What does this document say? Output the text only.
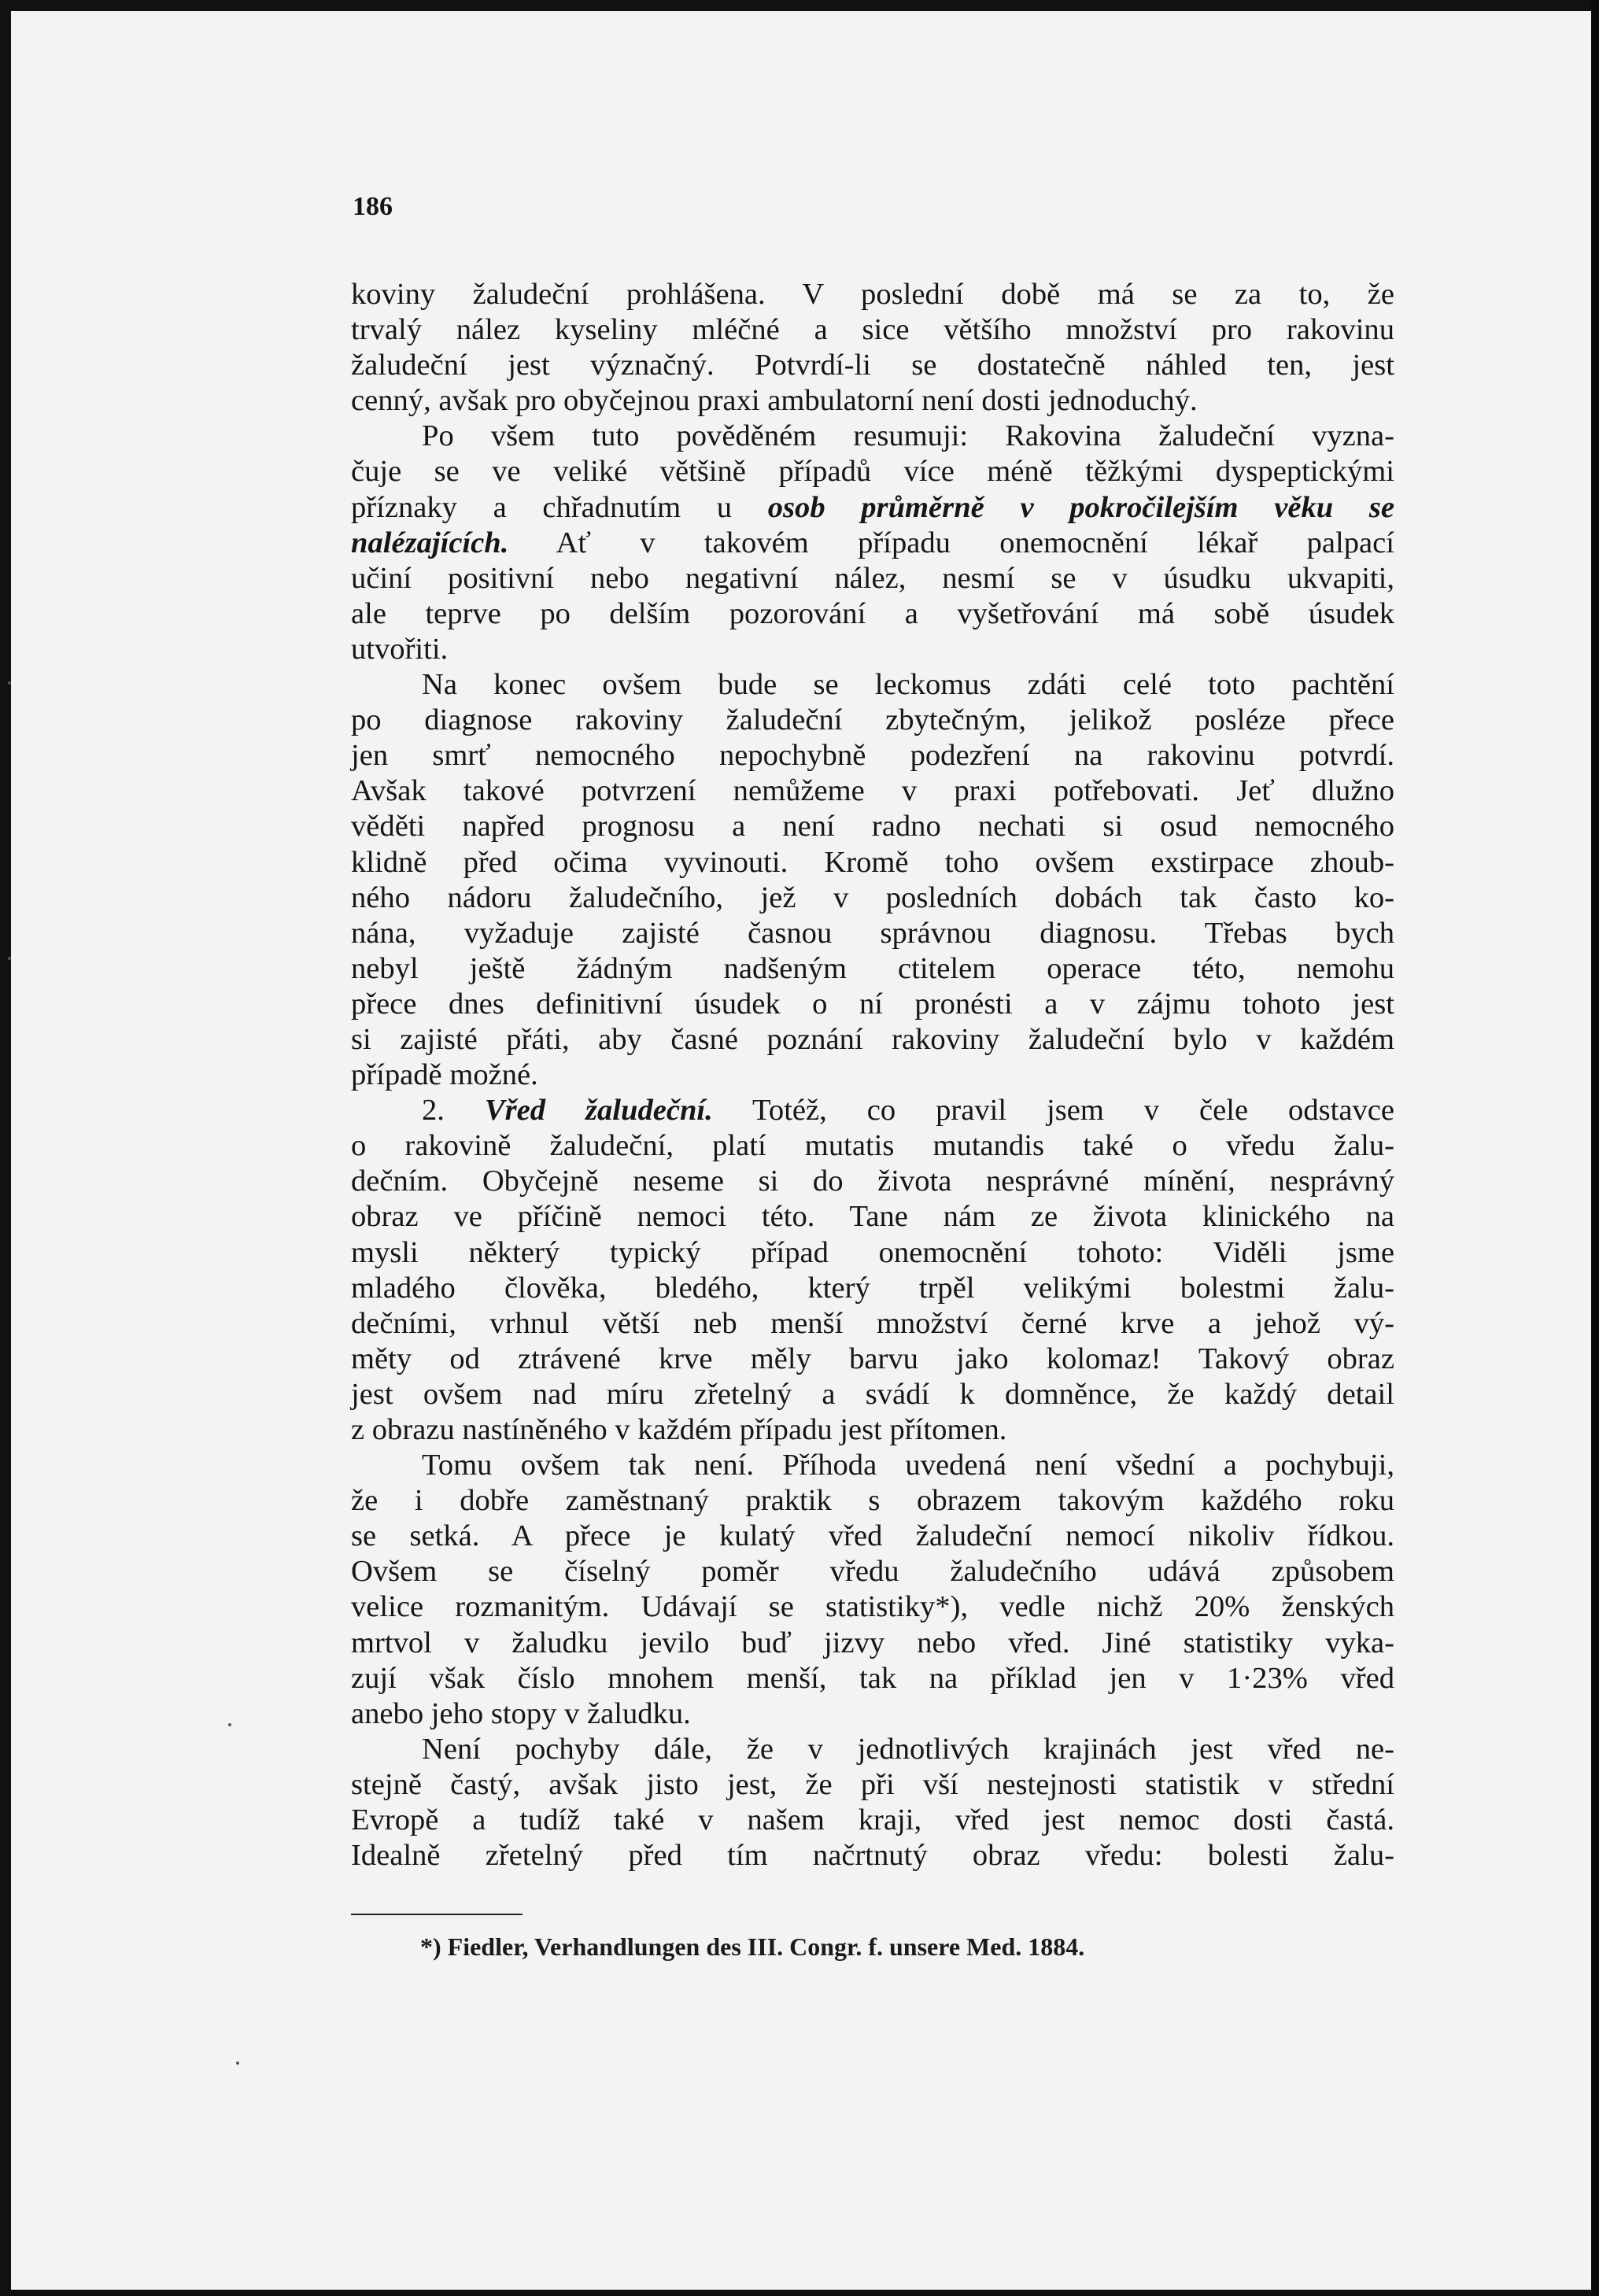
186
koviny žaludeční prohlášena. V poslední době má se za to, že
trvalý nález kyseliny mléčné a sice většího množství pro rakovinu
žaludeční jest význačný. Potvrdí-li se dostatečně náhled ten, jest
cenný, avšak pro obyčejnou praxi ambulatorní není dosti jednoduchý.
Po všem tuto pověděném resumuji: Rakovina žaludeční vyzna-
čuje se ve veliké většině případů více méně těžkými dyspeptickými
příznaky a chřadnutím u osob průměrně v pokročilejším věku se
nalézajících. Ať v takovém případu onemocnění lékař palpací
učiní positivní nebo negativní nález, nesmí se v úsudku ukvapiti,
ale teprve po delším pozorování a vyšetřování má sobě úsudek
utvořiti.
Na konec ovšem bude se leckomus zdáti celé toto pachtění
po diagnose rakoviny žaludeční zbytečným, jelikož posléze přece
jen smrť nemocného nepochybně podezření na rakovinu potvrdí.
Avšak takové potvrzení nemůžeme v praxi potřebovati. Jeť dlužno
věděti napřed prognosu a není radno nechati si osud nemocného
klidně před očima vyvinouti. Kromě toho ovšem exstirpace zhoub-
ného nádoru žaludečního, jež v posledních dobách tak často ko-
nána, vyžaduje zajisté časnou správnou diagnosu. Třebas bych
nebyl ještě žádným nadšeným ctitelem operace této, nemohu
přece dnes definitivní úsudek o ní pronésti a v zájmu tohoto jest
si zajisté přáti, aby časné poznání rakoviny žaludeční bylo v každém
případě možné.
2. Vřed žaludeční. Totéž, co pravil jsem v čele odstavce
o rakovině žaludeční, platí mutatis mutandis také o vředu žalu-
dečním. Obyčejně neseme si do života nesprávné mínění, nesprávný
obraz ve příčině nemoci této. Tane nám ze života klinického na
mysli některý typický případ onemocnění tohoto: Viděli jsme
mladého člověka, bledého, který trpěl velikými bolestmi žalu-
dečními, vrhnul větší neb menší množství černé krve a jehož vý-
měty od ztrávené krve měly barvu jako kolomaz! Takový obraz
jest ovšem nad míru zřetelný a svádí k domněnce, že každý detail
z obrazu nastíněného v každém případu jest přítomen.
Tomu ovšem tak není. Příhoda uvedená není všední a pochybuji,
že i dobře zaměstnaný praktik s obrazem takovým každého roku
se setká. A přece je kulatý vřed žaludeční nemocí nikoliv řídkou.
Ovšem se číselný poměr vředu žaludečního udává způsobem
velice rozmanitým. Udávají se statistiky*), vedle nichž 20% ženských
mrtvol v žaludku jevilo buď jizvy nebo vřed. Jiné statistiky vyka-
zují však číslo mnohem menší, tak na příklad jen v 1·23% vřed
anebo jeho stopy v žaludku.
Není pochyby dále, že v jednotlivých krajinách jest vřed ne-
stejně častý, avšak jisto jest, že při vší nestejnosti statistik v střední
Evropě a tudíž také v našem kraji, vřed jest nemoc dosti častá.
Idealně zřetelný před tím načrtnutý obraz vředu: bolesti žalu-
*) Fiedler, Verhandlungen des III. Congr. f. unsere Med. 1884.
